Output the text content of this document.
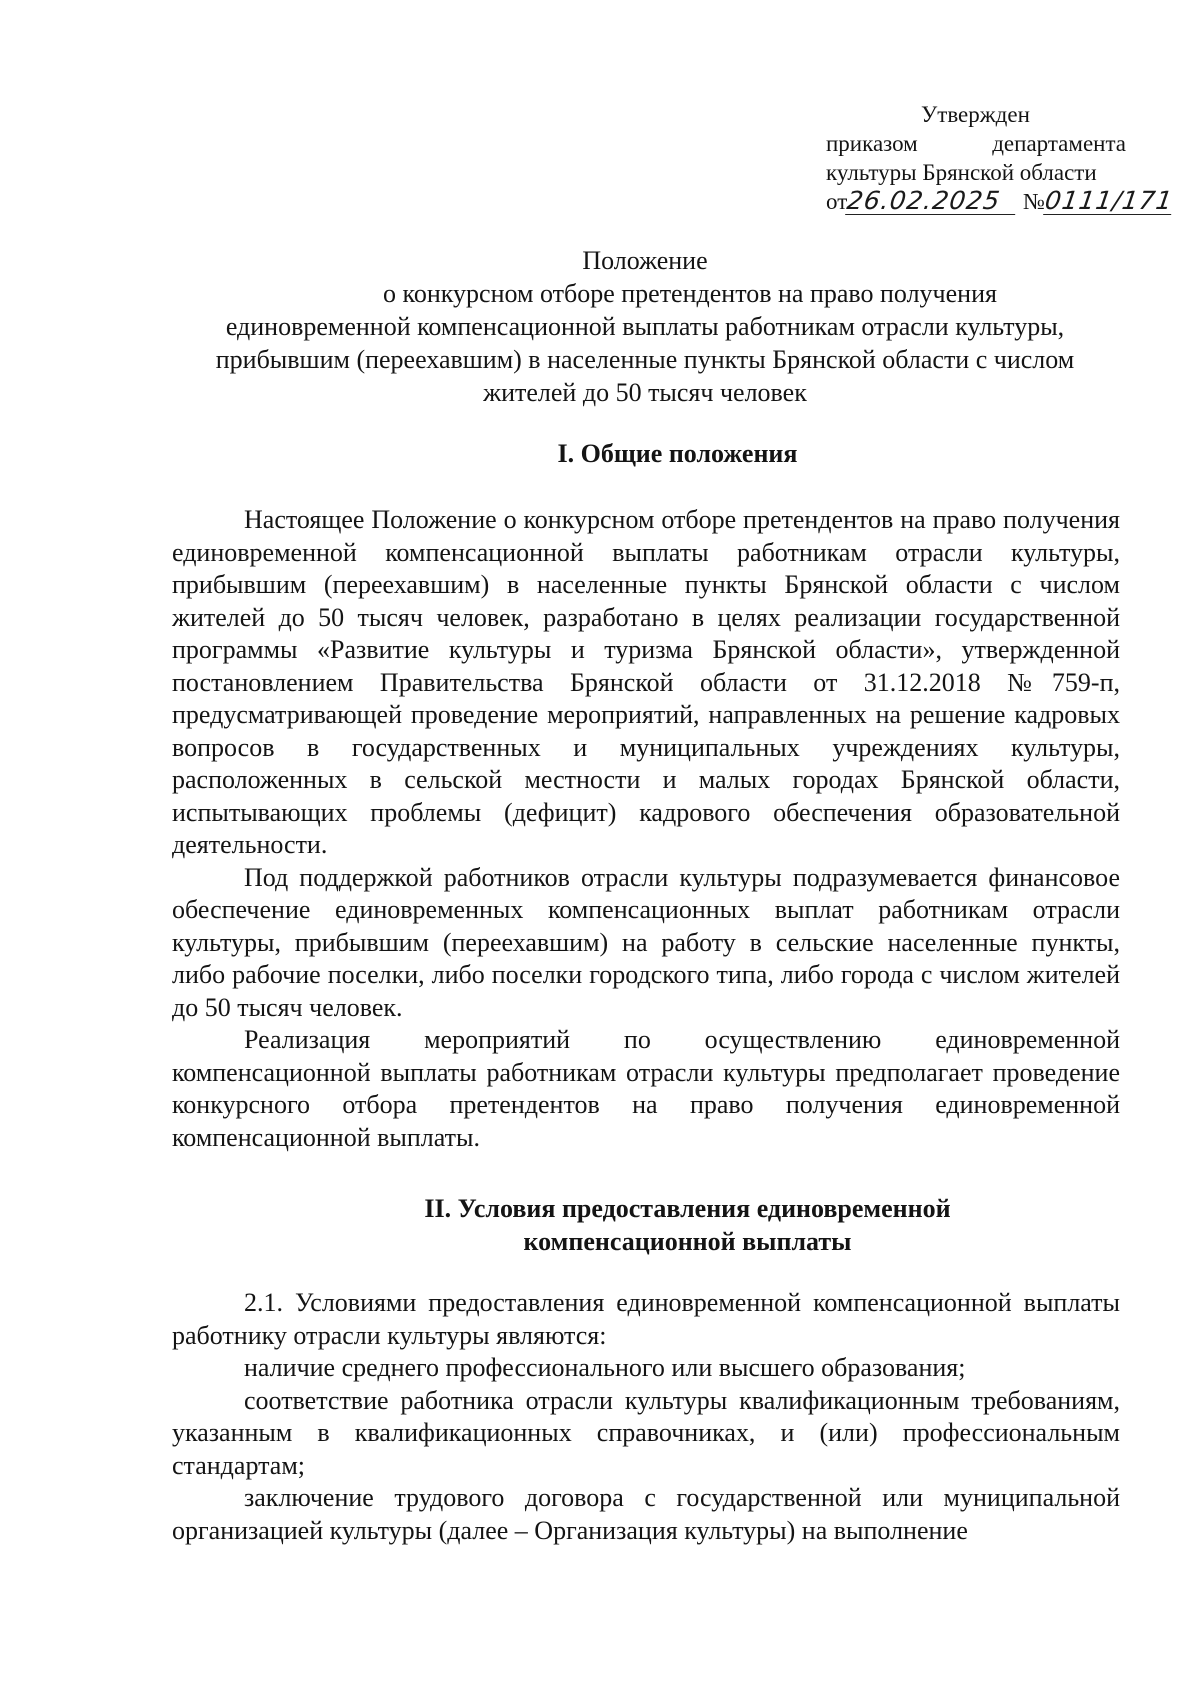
Утвержден
приказом	департамента
культуры Брянской области
от26.02.2025 №0111/171
Положение
о конкурсном отборе претендентов на право получения
единовременной компенсационной выплаты работникам отрасли культуры,
прибывшим (переехавшим) в населенные пункты Брянской области с числом
жителей до 50 тысяч человек
I. Общие положения

Настоящее Положение о конкурсном отборе претендентов на право получения единовременной компенсационной выплаты работникам отрасли культуры, прибывшим (переехавшим) в населенные пункты Брянской области с числом жителей до 50 тысяч человек, разработано в целях реализации государственной программы «Развитие культуры и туризма Брянской области», утвержденной постановлением Правительства Брянской области от 31.12.2018 №759-п, предусматривающей проведение мероприятий, направленных на решение кадровых вопросов в государственных и муниципальных учреждениях культуры, расположенных в сельской местности и малых городах Брянской области, испытывающих проблемы (дефицит) кадрового обеспечения образовательной деятельности.

Под поддержкой работников отрасли культуры подразумевается финансовое обеспечение единовременных компенсационных выплат работникам отрасли культуры, прибывшим (переехавшим) на работу в сельские населенные пункты, либо рабочие поселки, либо поселки городского типа, либо города с числом жителей до 50 тысяч человек.

Реализация мероприятий по осуществлению единовременной компенсационной выплаты работникам отрасли культуры предполагает проведение конкурсного отбора претендентов на право получения единовременной компенсационной выплаты.

II. Условия предоставления единовременной
компенсационной выплаты

2.1. Условиями предоставления единовременной компенсационной выплаты работнику отрасли культуры являются:

наличие среднего профессионального или высшего образования;

соответствие работника отрасли культуры квалификационным требованиям, указанным в квалификационных справочниках, и (или) профессиональным стандартам;

заключение трудового договора с государственной или муниципальной организацией культуры (далее – Организация культуры) на выполнение
